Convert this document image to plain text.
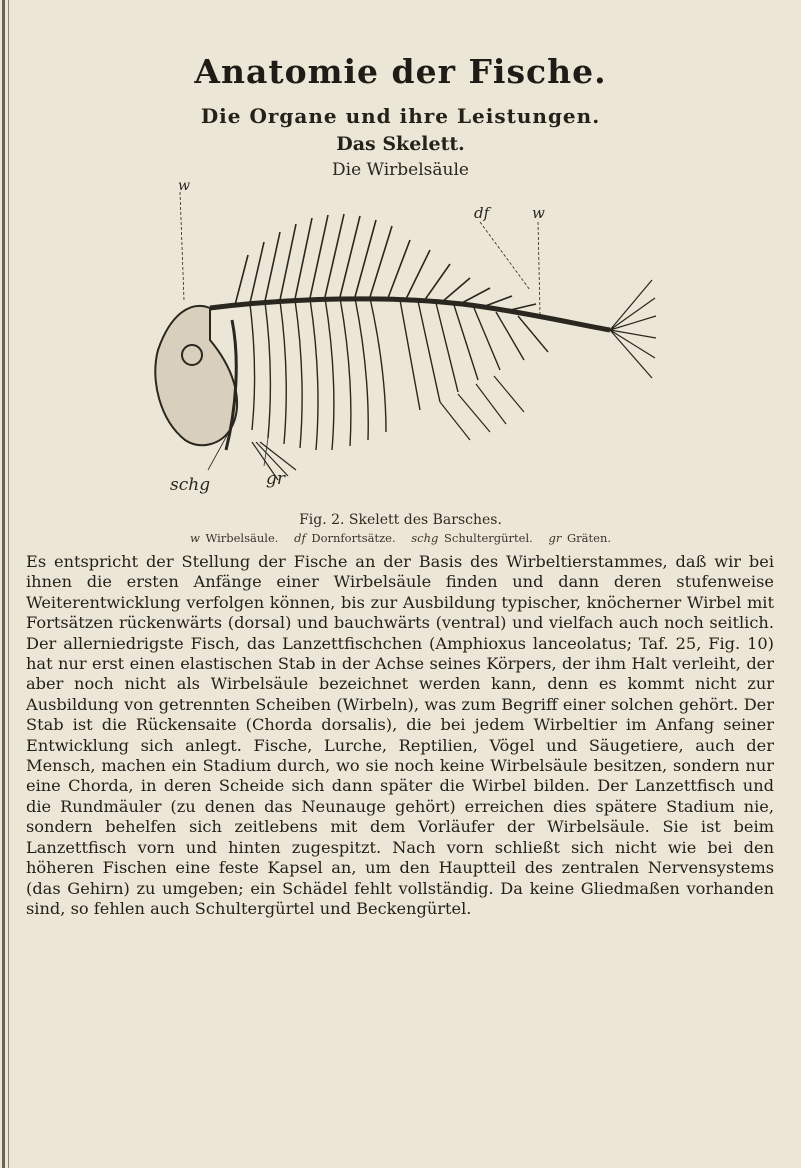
Anatomie der Fische.
Die Organe und ihre Leistungen.
Das Skelett.
Die Wirbelsäule
w
df	w
schg	gr
Fig. 2. Skelett des Barsches.
w Wirbelsäule. df Dornfortsätze. schg Schultergürtel. gr Gräten.
Es entspricht der Stellung der Fische an der Basis des Wirbeltierstammes, daß wir bei ihnen die ersten Anfänge einer Wirbelsäule finden und dann deren stufenweise Weiterentwicklung verfolgen können, bis zur Ausbildung typischer, knöcherner Wirbel mit Fortsätzen rückenwärts (dorsal) und bauchwärts (ventral) und vielfach auch noch seitlich. Der allerniedrigste Fisch, das Lanzettfischchen (Amphioxus lanceolatus; Taf. 25, Fig. 10) hat nur erst einen elastischen Stab in der Achse seines Körpers, der ihm Halt verleiht, der aber noch nicht als Wirbelsäule bezeichnet werden kann, denn es kommt nicht zur Ausbildung von getrennten Scheiben (Wirbeln), was zum Begriff einer solchen gehört. Der Stab ist die Rückensaite (Chorda dorsalis), die bei jedem Wirbeltier im Anfang seiner Entwicklung sich anlegt. Fische, Lurche, Reptilien, Vögel und Säugetiere, auch der Mensch, machen ein Stadium durch, wo sie noch keine Wirbelsäule besitzen, sondern nur eine Chorda, in deren Scheide sich dann später die Wirbel bilden. Der Lanzettfisch und die Rundmäuler (zu denen das Neunauge gehört) erreichen dies spätere Stadium nie, sondern behelfen sich zeitlebens mit dem Vorläufer der Wirbelsäule. Sie ist beim Lanzettfisch vorn und hinten zugespitzt. Nach vorn schließt sich nicht wie bei den höheren Fischen eine feste Kapsel an, um den Hauptteil des zentralen Nervensystems (das Gehirn) zu umgeben; ein Schädel fehlt vollständig. Da keine Gliedmaßen vorhanden sind, so fehlen auch Schultergürtel und Beckengürtel.
